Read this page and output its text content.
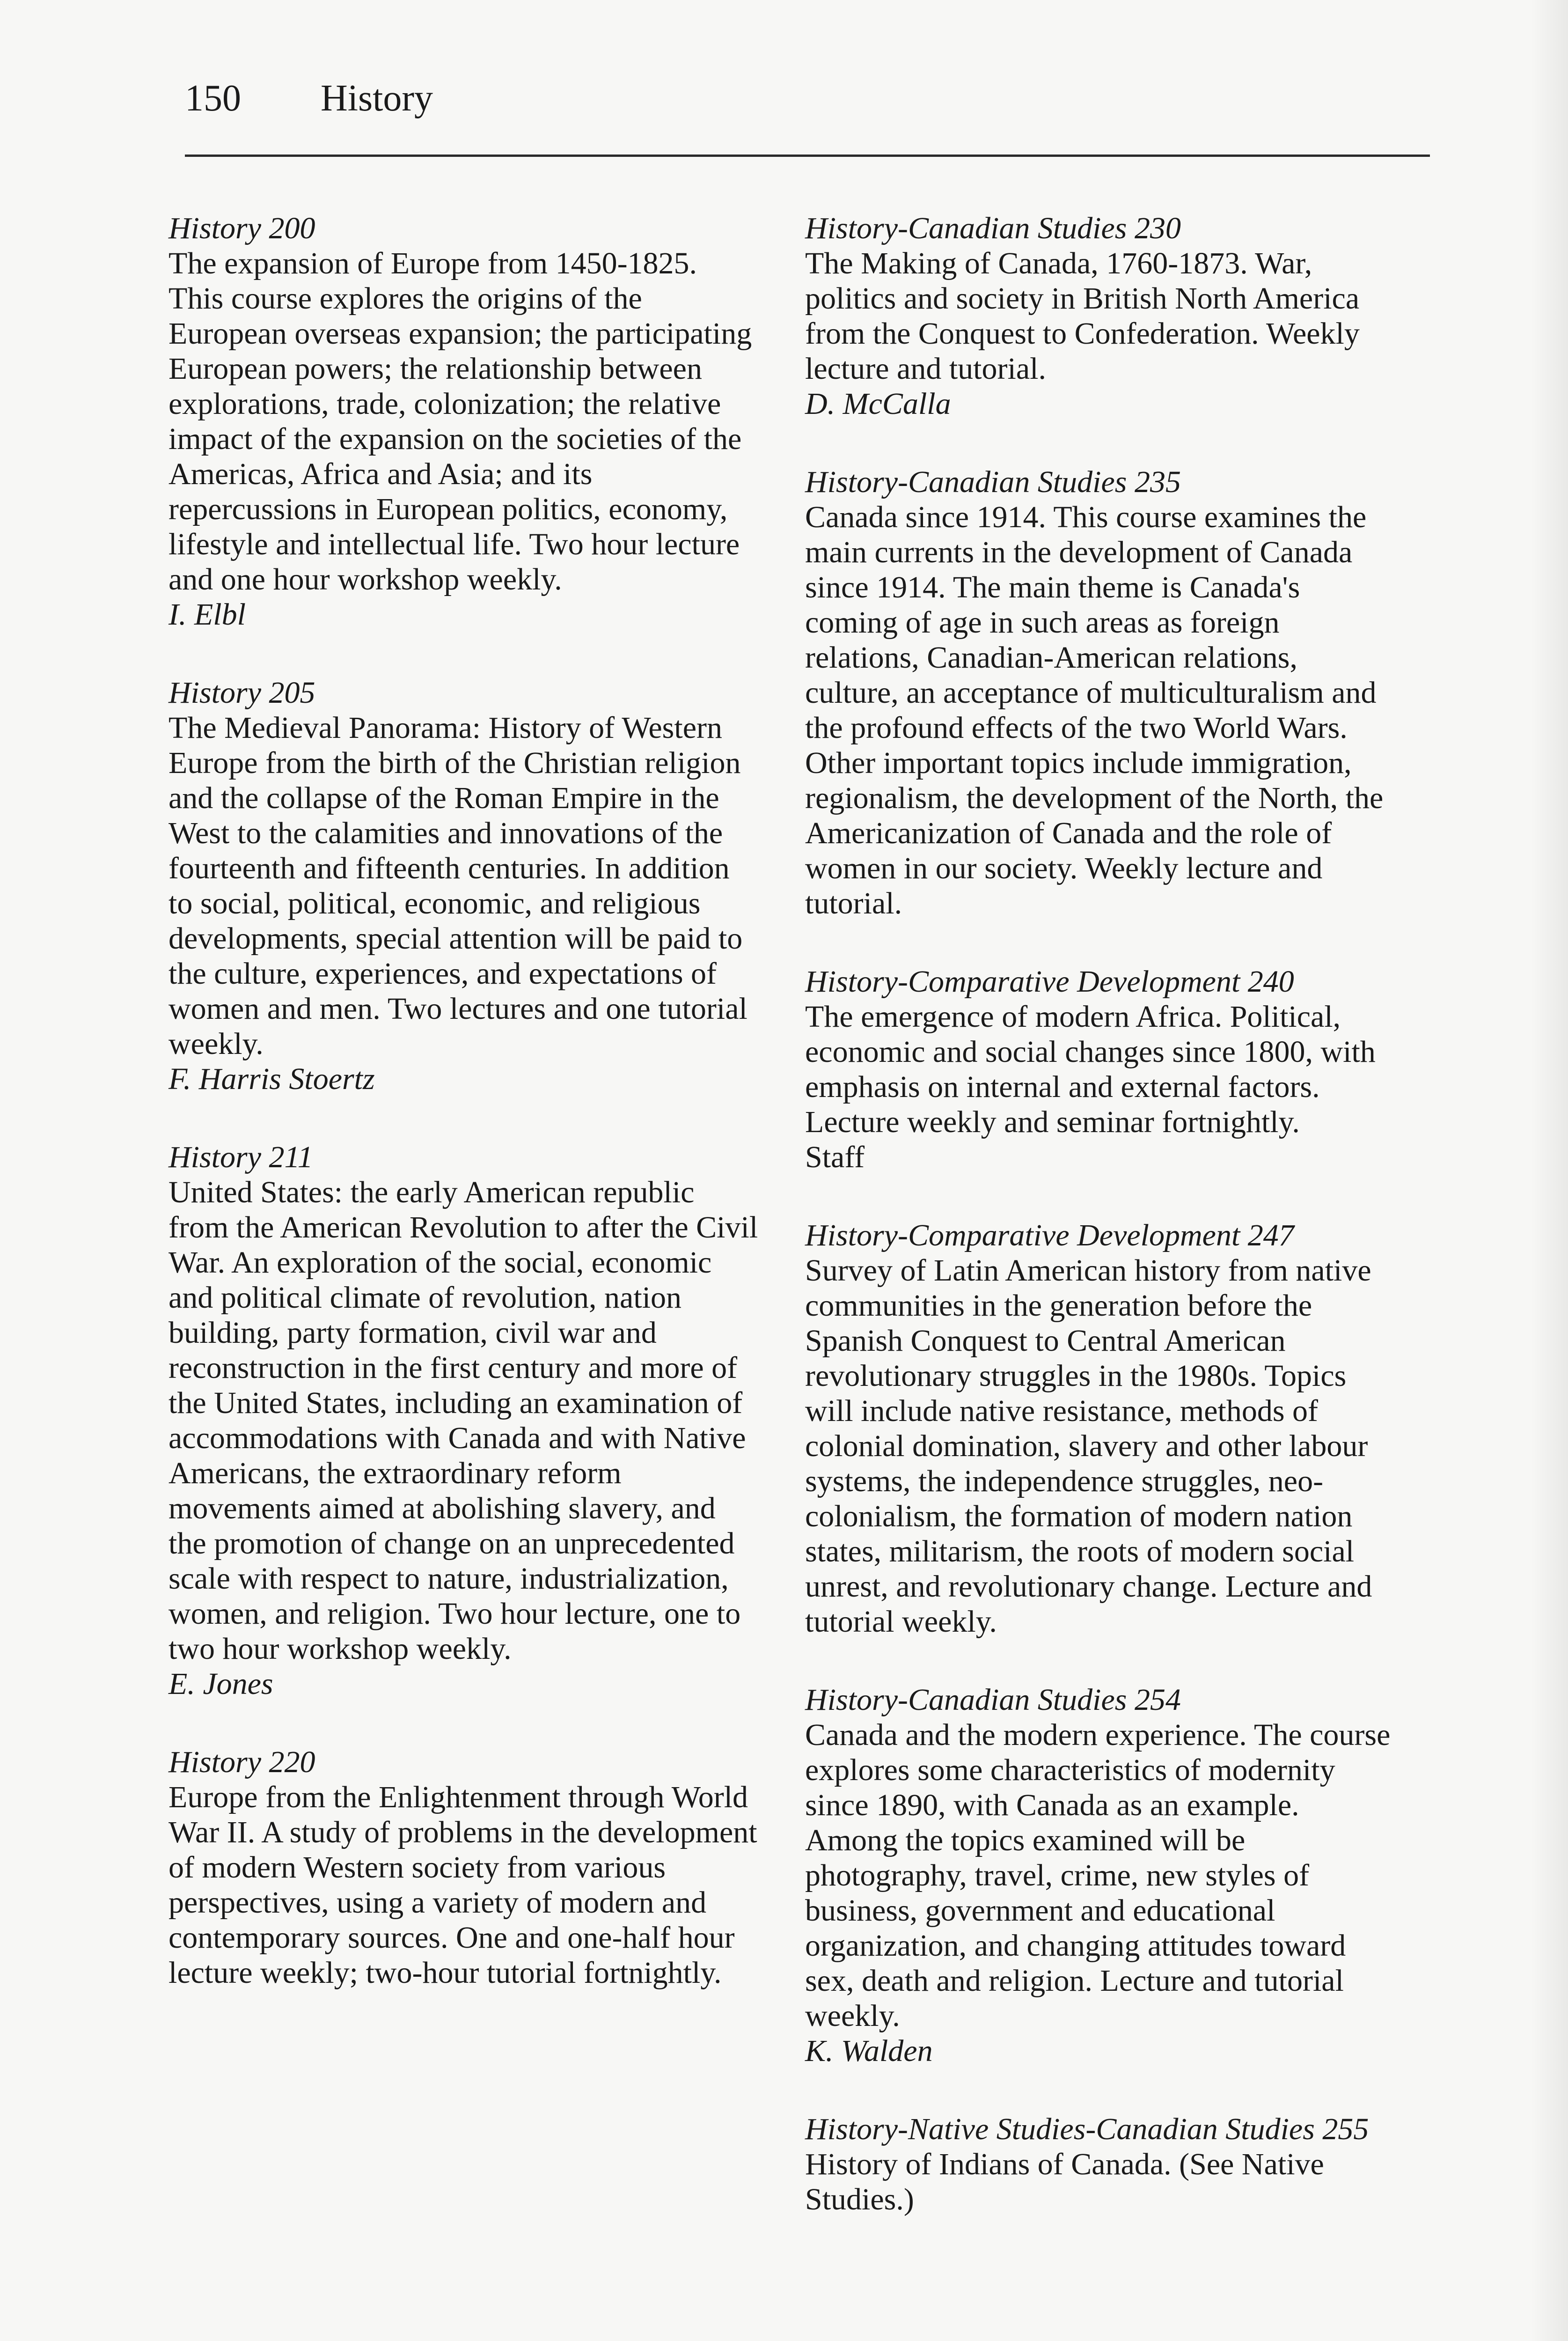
150 History

History 200

The expansion of Europe from 1450-1825. This course explores the origins of the European overseas expansion; the participating European powers; the relationship between explorations, trade, colonization; the relative impact of the expansion on the societies of the Americas, Africa and Asia; and its repercussions in European politics, economy, lifestyle and intellectual life. Two hour lecture and one hour workshop weekly.

I. Elbl

History 205

The Medieval Panorama: History of Western Europe from the birth of the Christian religion and the collapse of the Roman Empire in the West to the calamities and innovations of the fourteenth and fifteenth centuries. In addition to social, political, economic, and religious developments, special attention will be paid to the culture, experiences, and expectations of women and men. Two lectures and one tutorial weekly.

F. Harris Stoertz

History 211

United States: the early American republic from the American Revolution to after the Civil War. An exploration of the social, economic and political climate of revolution, nation building, party formation, civil war and reconstruction in the first century and more of the United States, including an examination of accommodations with Canada and with Native Americans, the extraordinary reform movements aimed at abolishing slavery, and the promotion of change on an unprecedented scale with respect to nature, industrialization, women, and religion. Two hour lecture, one to two hour workshop weekly.

E. Jones

History 220

Europe from the Enlightenment through World War II. A study of problems in the development of modern Western society from various perspectives, using a variety of modern and contemporary sources. One and one-half hour lecture weekly; two-hour tutorial fortnightly.

History-Canadian Studies 230

The Making of Canada, 1760-1873. War, politics and society in British North America from the Conquest to Confederation. Weekly lecture and tutorial.

D. McCalla

History-Canadian Studies 235

Canada since 1914. This course examines the main currents in the development of Canada since 1914. The main theme is Canada's coming of age in such areas as foreign relations, Canadian-American relations, culture, an acceptance of multiculturalism and the profound effects of the two World Wars. Other important topics include immigration, regionalism, the development of the North, the Americanization of Canada and the role of women in our society. Weekly lecture and tutorial.

History-Comparative Development 240

The emergence of modern Africa. Political, economic and social changes since 1800, with emphasis on internal and external factors. Lecture weekly and seminar fortnightly.

Staff

History-Comparative Development 247

Survey of Latin American history from native communities in the generation before the Spanish Conquest to Central American revolutionary struggles in the 1980s. Topics will include native resistance, methods of colonial domination, slavery and other labour systems, the independence struggles, neo-colonialism, the formation of modern nation states, militarism, the roots of modern social unrest, and revolutionary change. Lecture and tutorial weekly.

History-Canadian Studies 254

Canada and the modern experience. The course explores some characteristics of modernity since 1890, with Canada as an example. Among the topics examined will be photography, travel, crime, new styles of business, government and educational organization, and changing attitudes toward sex, death and religion. Lecture and tutorial weekly.

K. Walden

History-Native Studies-Canadian Studies 255

History of Indians of Canada. (See Native Studies.)
